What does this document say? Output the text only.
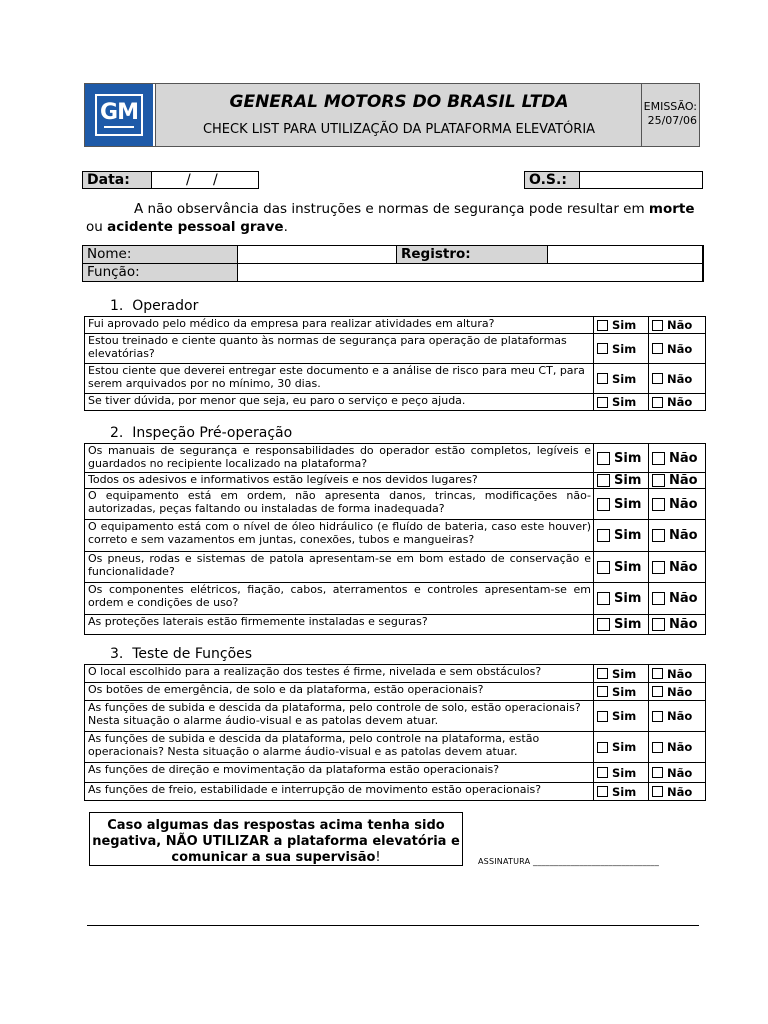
GM	GENERAL MOTORS DO BRASIL LTDA
CHECK LIST PARA UTILIZAÇÃO DA PLATAFORMA ELEVATÓRIA
EMISSÃO:
25/07/06
Data:	/     /	O.S.:
A não observância das instruções e normas de segurança pode resultar em morte ou acidente pessoal grave.
Nome:	Registro:
Função:
1.  Operador
Fui aprovado pelo médico da empresa para realizar atividades em altura?	Sim	Não
Estou treinado e ciente quanto às normas de segurança para operação de plataformas elevatórias?	Sim	Não
Estou ciente que deverei entregar este documento e a análise de risco para meu CT, para serem arquivados por no mínimo, 30 dias.	Sim	Não
Se tiver dúvida, por menor que seja, eu paro o serviço e peço ajuda.	Sim	Não
2.  Inspeção Pré-operação
Os manuais de segurança e responsabilidades do operador estão completos, legíveis e guardados no recipiente localizado na plataforma?	Sim Não
Todos os adesivos e informativos estão legíveis e nos devidos lugares?	Sim Não
O equipamento está em ordem, não apresenta danos, trincas, modificações não-autorizadas, peças faltando ou instaladas de forma inadequada?	Sim Não
O equipamento está com o nível de óleo hidráulico (e fluído de bateria, caso este houver) correto e sem vazamentos em juntas, conexões, tubos e mangueiras?	Sim Não
Os pneus, rodas e sistemas de patola apresentam-se em bom estado de conservação e funcionalidade?	Sim Não
Os componentes elétricos, fiação, cabos, aterramentos e controles apresentam-se em ordem e condições de uso?	Sim Não
As proteções laterais estão firmemente instaladas e seguras?	Sim Não
3.  Teste de Funções
O local escolhido para a realização dos testes é firme, nivelada e sem obstáculos?	Sim	Não
Os botões de emergência, de solo e da plataforma, estão operacionais?	Sim	Não
As funções de subida e descida da plataforma, pelo controle de solo, estão operacionais? Nesta situação o alarme áudio-visual e as patolas devem atuar.	Sim	Não
As funções de subida e descida da plataforma, pelo controle na plataforma, estão operacionais? Nesta situação o alarme áudio-visual e as patolas devem atuar.	Sim	Não
As funções de direção e movimentação da plataforma estão operacionais?	Sim	Não
As funções de freio, estabilidade e interrupção de movimento estão operacionais?	Sim	Não
Caso algumas das respostas acima tenha sido
negativa, NÃO UTILIZAR a plataforma elevatória e
comunicar a sua supervisão!	ASSINATURA ______________________________
